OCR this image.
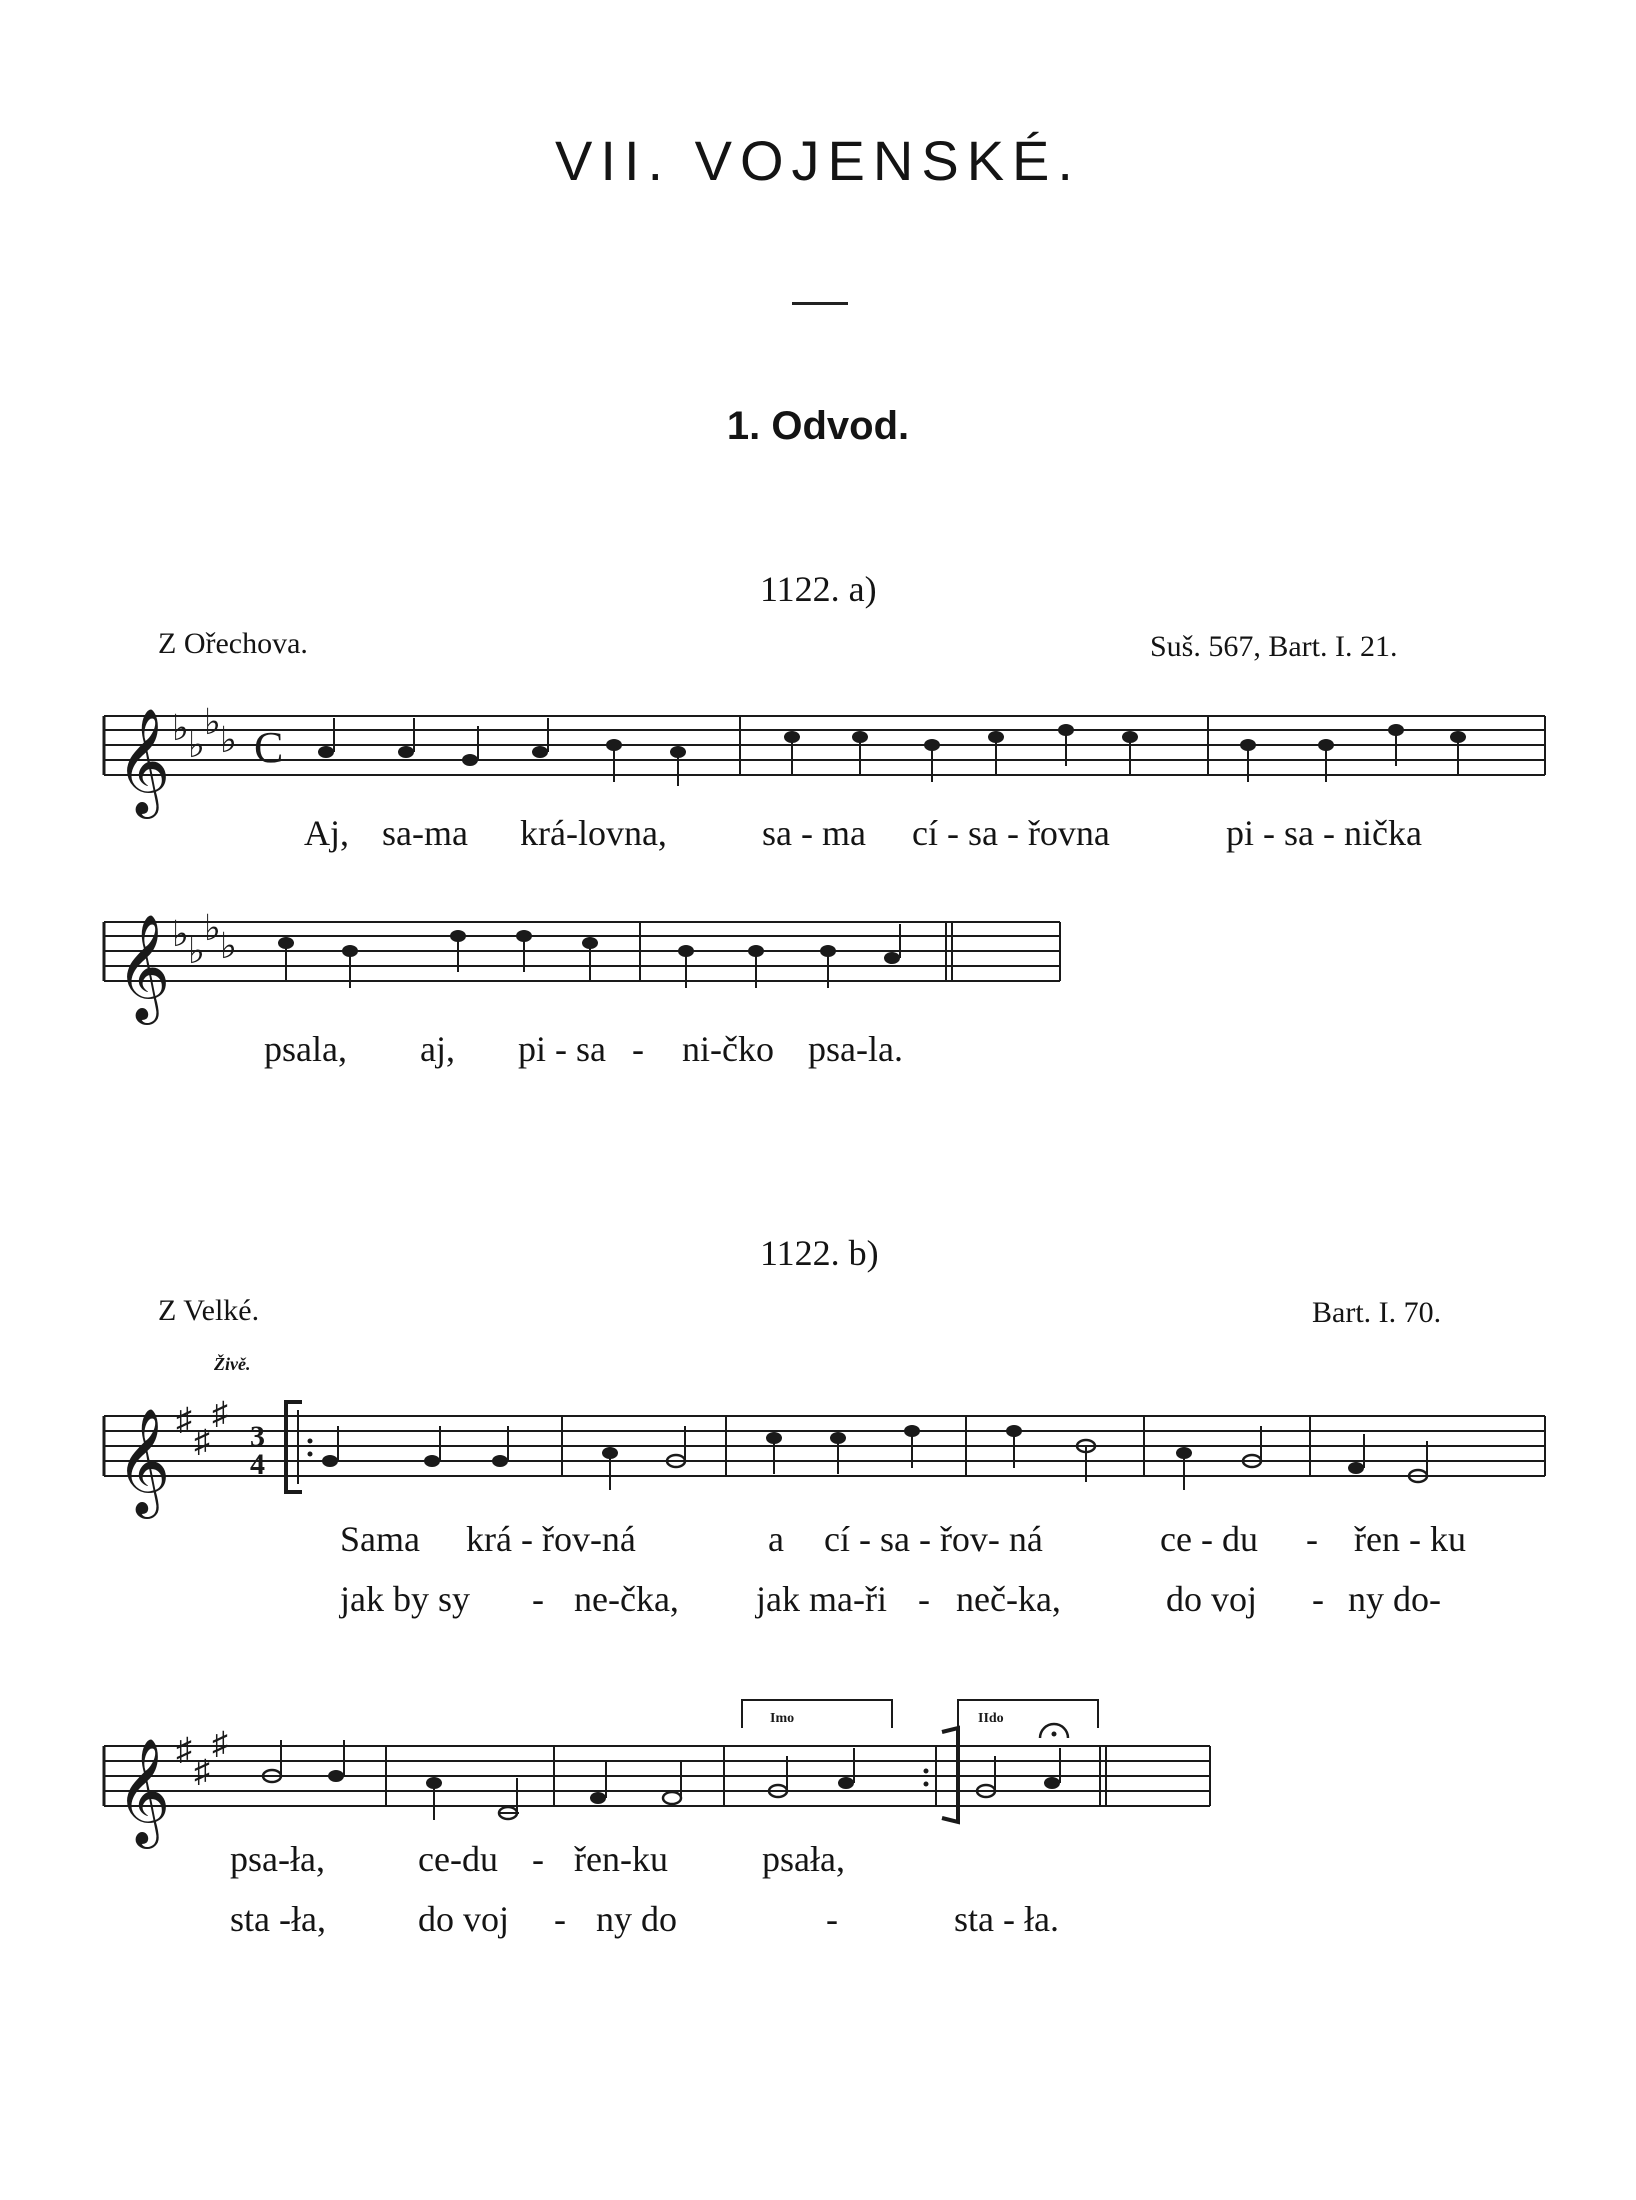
VII. VOJENSKÉ.
1. Odvod.
1122. a)
Z Ořechova.	Suš. 567, Bart. I. 21.
𝄞 ♭ ♭
♭ ♭ C
𝄞 ♭ ♭
♭ ♭
𝄞 ♯
♯
♯
3
4
𝄞 ♯
♯
♯
Imo	IIdo
Aj, sa-ma krá-lovna,	sa - ma cí - sa - řovna	pi - sa - nička
psala, aj, pi - sa - ni-čko psa-la.
1122. b)
Z Velké.	Bart. I. 70.
Živě.
Sama krá - řov-ná	a cí - sa - řov- ná	ce - du - řen - ku
jak by sy - ne-čka, jak ma-ři - neč-ka,	do voj - ny do-
psa-ła,	ce-du - řen-ku	psała,
sta -ła,	do voj - ny do	-	sta - ła.
